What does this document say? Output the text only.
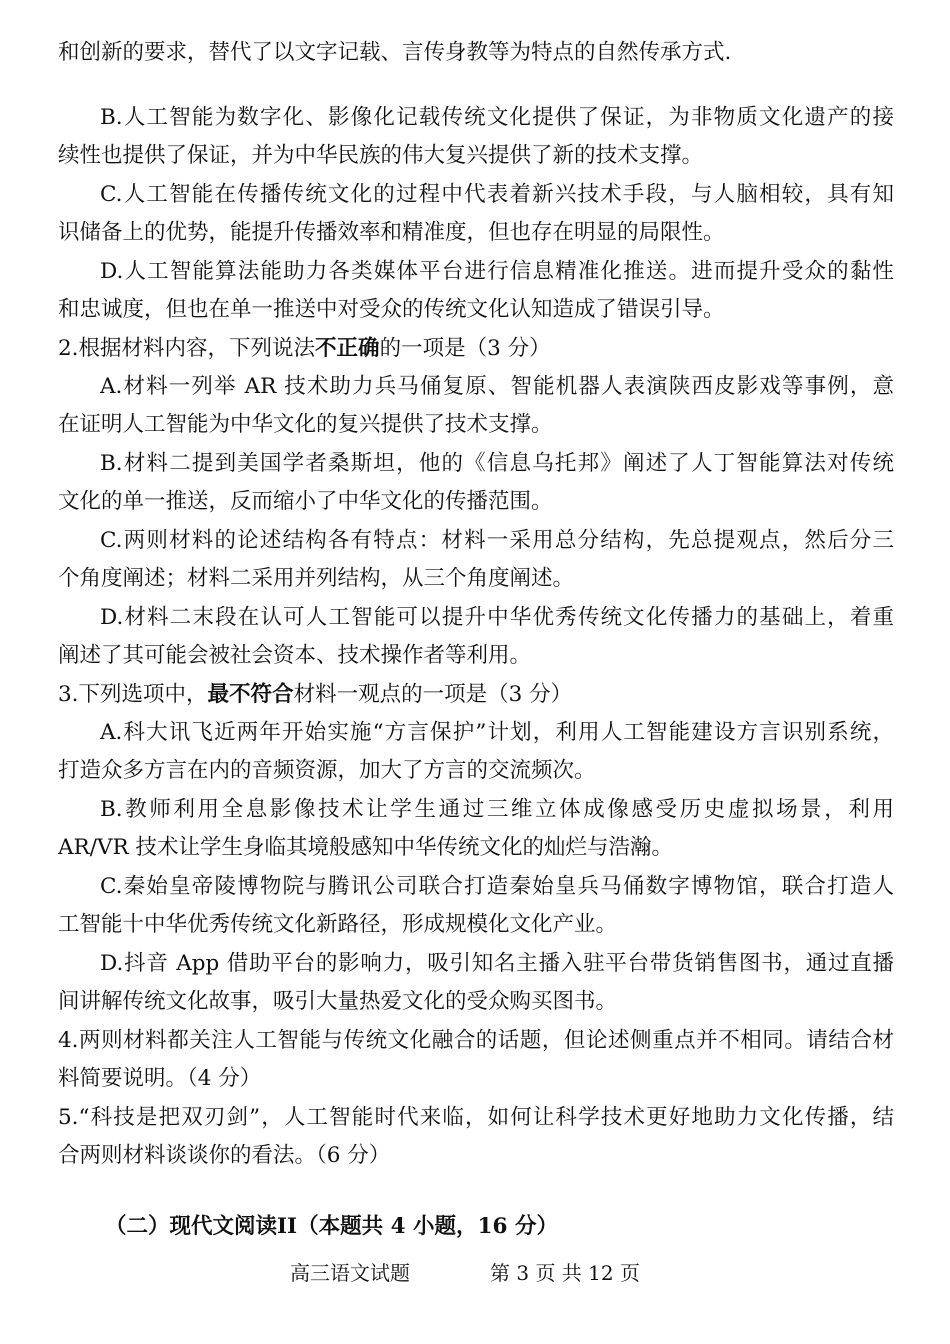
和创新的要求，替代了以文字记载、言传身教等为特点的自然传承方式.
B.人工智能为数字化、影像化记载传统文化提供了保证，为非物质文化遗产的接
续性也提供了保证，并为中华民族的伟大复兴提供了新的技术支撑。
C.人工智能在传播传统文化的过程中代表着新兴技术手段，与人脑相较，具有知
识储备上的优势，能提升传播效率和精准度，但也存在明显的局限性。
D.人工智能算法能助力各类媒体平台进行信息精准化推送。进而提升受众的黏性
和忠诚度，但也在单一推送中对受众的传统文化认知造成了错误引导。
2.根据材料内容，下列说法不正确的一项是（3 分）
A.材料一列举 AR 技术助力兵马俑复原、智能机器人表演陕西皮影戏等事例，意
在证明人工智能为中华文化的复兴提供了技术支撑。
B.材料二提到美国学者桑斯坦，他的《信息乌托邦》阐述了人丁智能算法对传统
文化的单一推送，反而缩小了中华文化的传播范围。
C.两则材料的论述结构各有特点：材料一采用总分结构，先总提观点，然后分三
个角度阐述；材料二采用并列结构，从三个角度阐述。
D.材料二末段在认可人工智能可以提升中华优秀传统文化传播力的基础上，着重
阐述了其可能会被社会资本、技术操作者等利用。
3.下列选项中，最不符合材料一观点的一项是（3 分）
A.科大讯飞近两年开始实施“方言保护”计划，利用人工智能建设方言识别系统，
打造众多方言在内的音频资源，加大了方言的交流频次。
B.教师利用全息影像技术让学生通过三维立体成像感受历史虚拟场景，利用
AR/VR 技术让学生身临其境般感知中华传统文化的灿烂与浩瀚。
C.秦始皇帝陵博物院与腾讯公司联合打造秦始皇兵马俑数字博物馆，联合打造人
工智能十中华优秀传统文化新路径，形成规模化文化产业。
D.抖音 App 借助平台的影响力，吸引知名主播入驻平台带货销售图书，通过直播
间讲解传统文化故事，吸引大量热爱文化的受众购买图书。
4.两则材料都关注人工智能与传统文化融合的话题，但论述侧重点并不相同。请结合材
料简要说明。（4 分）
5.“科技是把双刃剑”，人工智能时代来临，如何让科学技术更好地助力文化传播，结
合两则材料谈谈你的看法。（6 分）
（二）现代文阅读II（本题共 4 小题，16 分）
高三语文试题	第 3 页 共 12 页
